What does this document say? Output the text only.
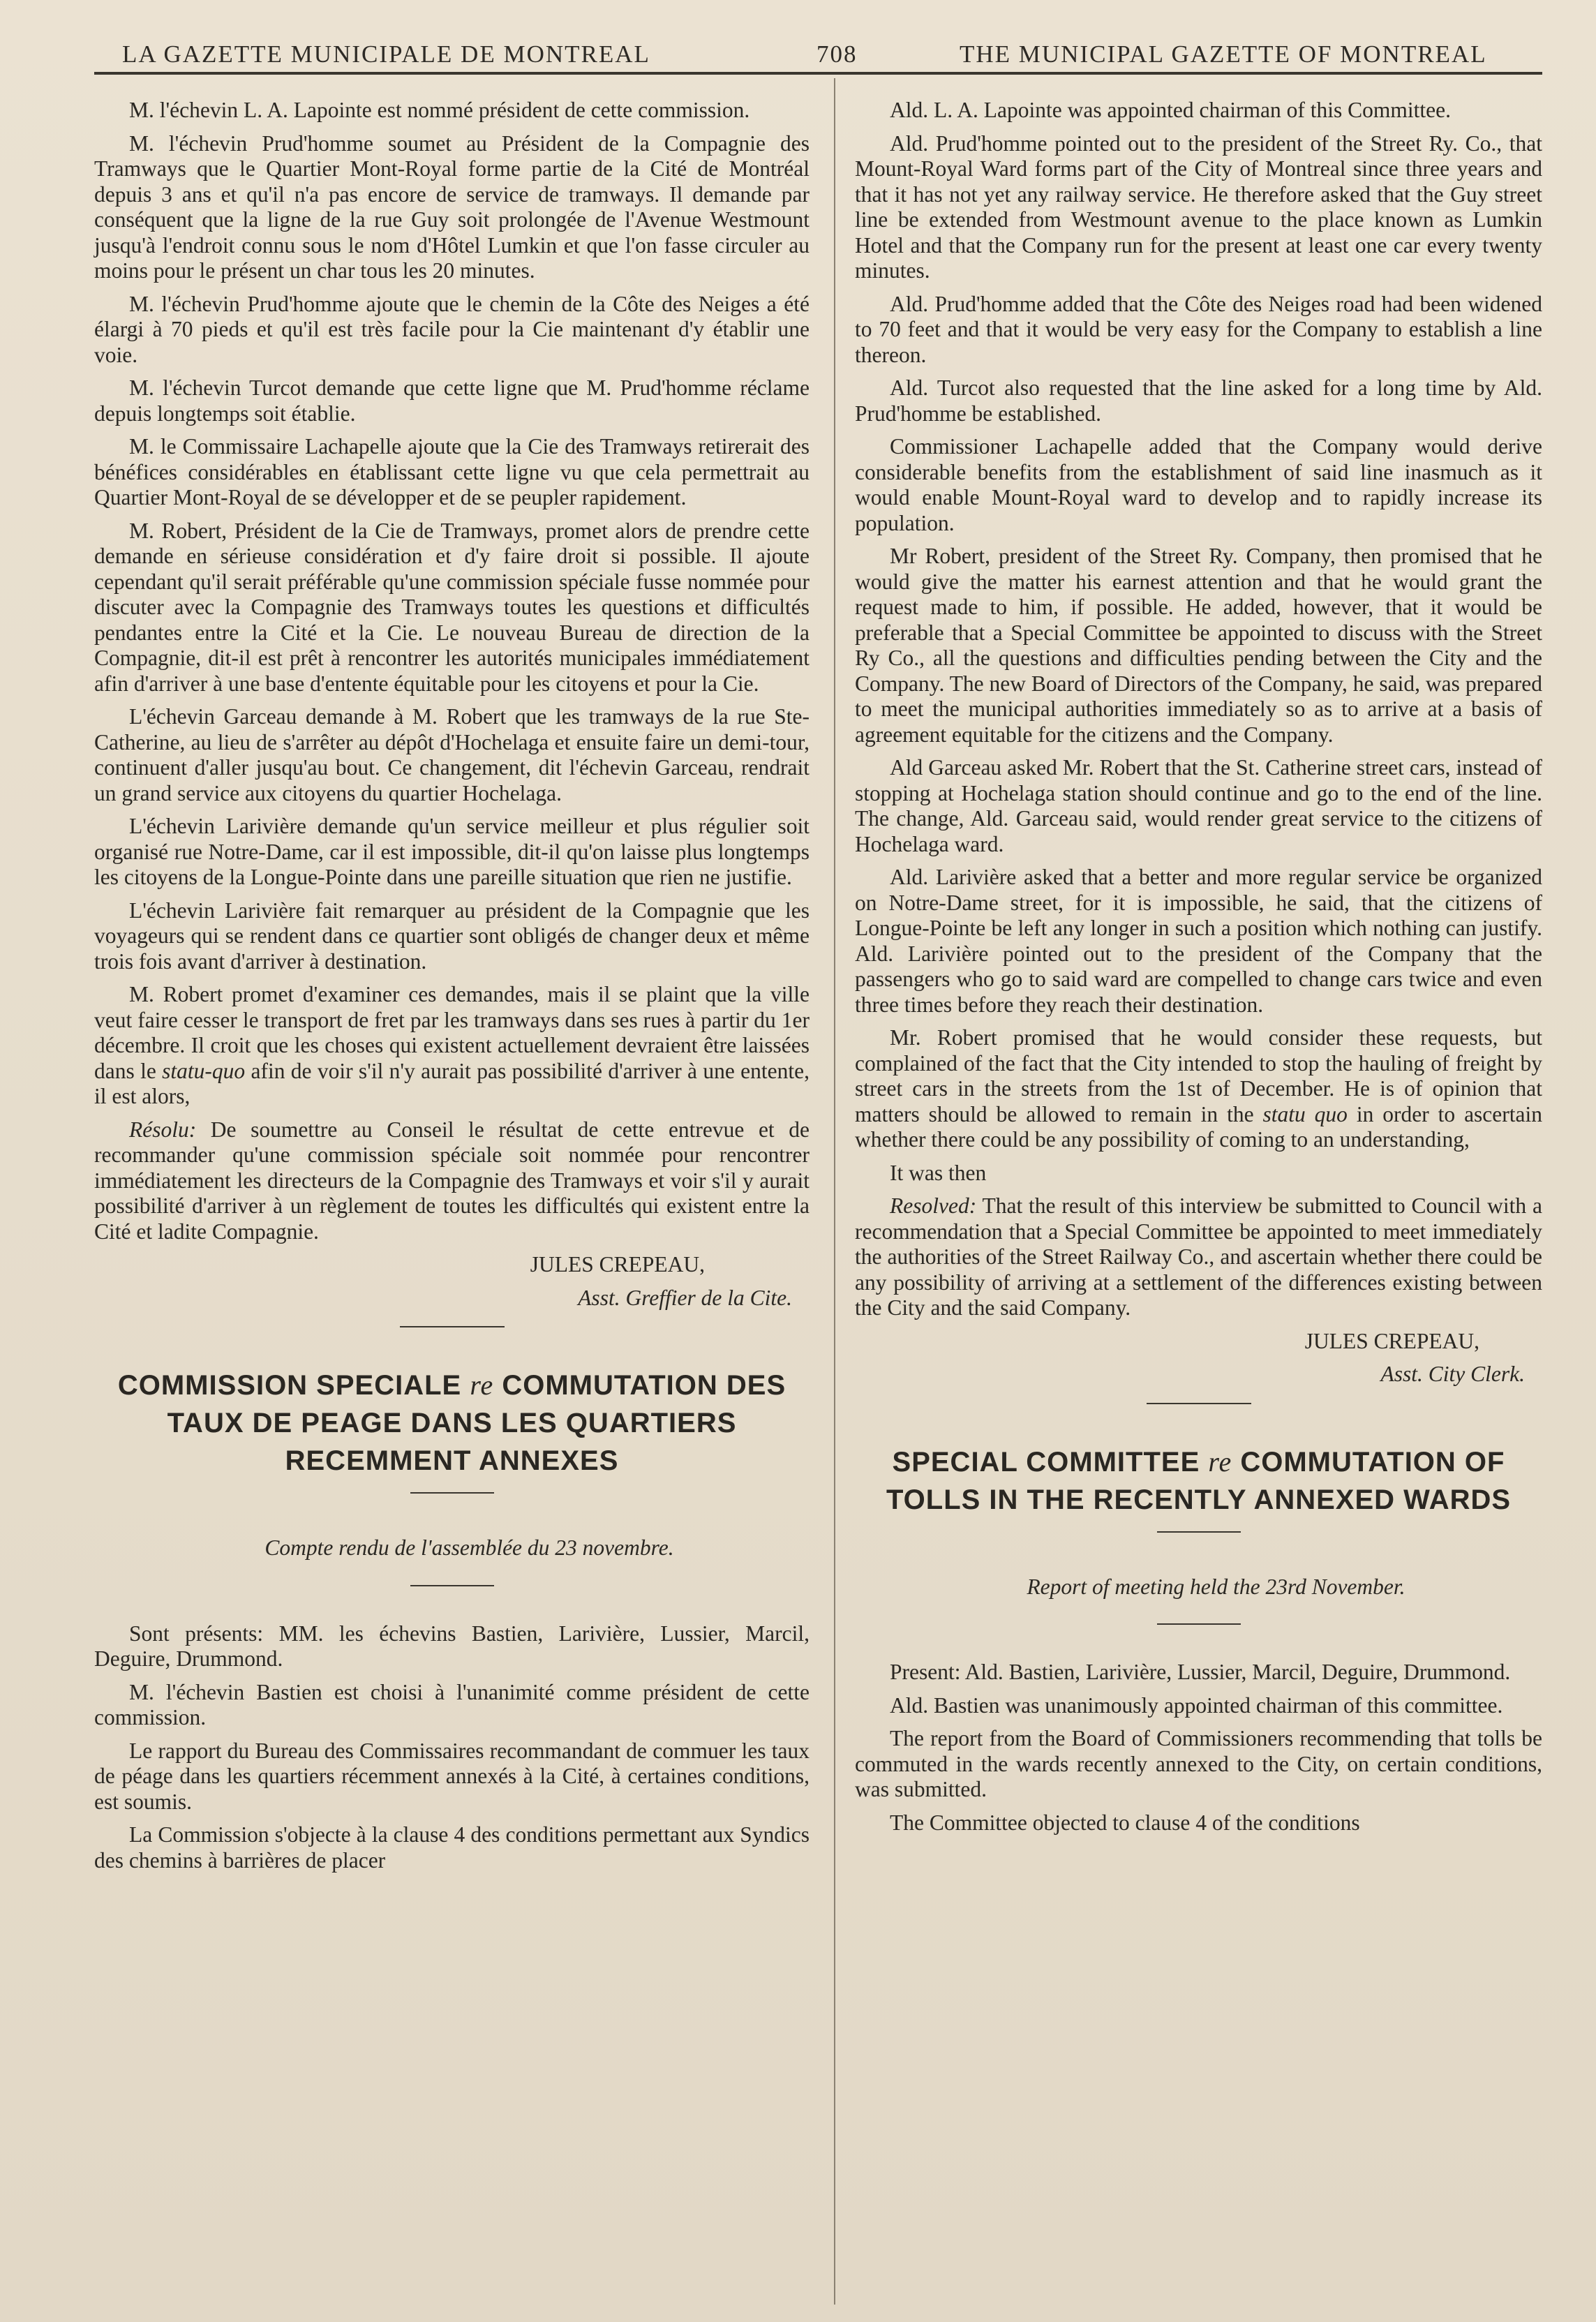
LA GAZETTE MUNICIPALE DE MONTREAL	708	THE MUNICIPAL GAZETTE OF MONTREAL

M. l'échevin L. A. Lapointe est nommé président de cette commission.

M. l'échevin Prud'homme soumet au Président de la Compagnie des Tramways que le Quartier Mont-Royal forme partie de la Cité de Montréal depuis 3 ans et qu'il n'a pas encore de service de tramways. Il demande par conséquent que la ligne de la rue Guy soit prolongée de l'Avenue Westmount jusqu'à l'endroit connu sous le nom d'Hôtel Lumkin et que l'on fasse circuler au moins pour le présent un char tous les 20 minutes.

M. l'échevin Prud'homme ajoute que le chemin de la Côte des Neiges a été élargi à 70 pieds et qu'il est très facile pour la Cie maintenant d'y établir une voie.

M. l'échevin Turcot demande que cette ligne que M. Prud'homme réclame depuis longtemps soit établie.

M. le Commissaire Lachapelle ajoute que la Cie des Tramways retirerait des bénéfices considérables en établissant cette ligne vu que cela permettrait au Quartier Mont-Royal de se développer et de se peupler rapidement.

M. Robert, Président de la Cie de Tramways, promet alors de prendre cette demande en sérieuse considération et d'y faire droit si possible. Il ajoute cependant qu'il serait préférable qu'une commission spéciale fusse nommée pour discuter avec la Compagnie des Tramways toutes les questions et difficultés pendantes entre la Cité et la Cie. Le nouveau Bureau de direction de la Compagnie, dit-il est prêt à rencontrer les autorités municipales immédiatement afin d'arriver à une base d'entente équitable pour les citoyens et pour la Cie.

L'échevin Garceau demande à M. Robert que les tramways de la rue Ste-Catherine, au lieu de s'arrêter au dépôt d'Hochelaga et ensuite faire un demi-tour, continuent d'aller jusqu'au bout. Ce changement, dit l'échevin Garceau, rendrait un grand service aux citoyens du quartier Hochelaga.

L'échevin Larivière demande qu'un service meilleur et plus régulier soit organisé rue Notre-Dame, car il est impossible, dit-il qu'on laisse plus longtemps les citoyens de la Longue-Pointe dans une pareille situation que rien ne justifie.

L'échevin Larivière fait remarquer au président de la Compagnie que les voyageurs qui se rendent dans ce quartier sont obligés de changer deux et même trois fois avant d'arriver à destination.

M. Robert promet d'examiner ces demandes, mais il se plaint que la ville veut faire cesser le transport de fret par les tramways dans ses rues à partir du 1er décembre. Il croit que les choses qui existent actuellement devraient être laissées dans le statu-quo afin de voir s'il n'y aurait pas possibilité d'arriver à une entente, il est alors,

Résolu: De soumettre au Conseil le résultat de cette entrevue et de recommander qu'une commission spéciale soit nommée pour rencontrer immédiatement les directeurs de la Compagnie des Tramways et voir s'il y aurait possibilité d'arriver à un règlement de toutes les difficultés qui existent entre la Cité et ladite Compagnie.

JULES CREPEAU,

Asst. Greffier de la Cite.

COMMISSION SPECIALE re COMMUTATION DES TAUX DE PEAGE DANS LES QUARTIERS RECEMMENT ANNEXES

Compte rendu de l'assemblée du 23 novembre.

Sont présents: MM. les échevins Bastien, Larivière, Lussier, Marcil, Deguire, Drummond.

M. l'échevin Bastien est choisi à l'unanimité comme président de cette commission.

Le rapport du Bureau des Commissaires recommandant de commuer les taux de péage dans les quartiers récemment annexés à la Cité, à certaines conditions, est soumis.

La Commission s'objecte à la clause 4 des conditions permettant aux Syndics des chemins à barrières de placer

Ald. L. A. Lapointe was appointed chairman of this Committee.

Ald. Prud'homme pointed out to the president of the Street Ry. Co., that Mount-Royal Ward forms part of the City of Montreal since three years and that it has not yet any railway service. He therefore asked that the Guy street line be extended from Westmount avenue to the place known as Lumkin Hotel and that the Company run for the present at least one car every twenty minutes.

Ald. Prud'homme added that the Côte des Neiges road had been widened to 70 feet and that it would be very easy for the Company to establish a line thereon.

Ald. Turcot also requested that the line asked for a long time by Ald. Prud'homme be established.

Commissioner Lachapelle added that the Company would derive considerable benefits from the establishment of said line inasmuch as it would enable Mount-Royal ward to develop and to rapidly increase its population.

Mr Robert, president of the Street Ry. Company, then promised that he would give the matter his earnest attention and that he would grant the request made to him, if possible. He added, however, that it would be preferable that a Special Committee be appointed to discuss with the Street Ry Co., all the questions and difficulties pending between the City and the Company. The new Board of Directors of the Company, he said, was prepared to meet the municipal authorities immediately so as to arrive at a basis of agreement equitable for the citizens and the Company.

Ald Garceau asked Mr. Robert that the St. Catherine street cars, instead of stopping at Hochelaga station should continue and go to the end of the line. The change, Ald. Garceau said, would render great service to the citizens of Hochelaga ward.

Ald. Larivière asked that a better and more regular service be organized on Notre-Dame street, for it is impossible, he said, that the citizens of Longue-Pointe be left any longer in such a position which nothing can justify. Ald. Larivière pointed out to the president of the Company that the passengers who go to said ward are compelled to change cars twice and even three times before they reach their destination.

Mr. Robert promised that he would consider these requests, but complained of the fact that the City intended to stop the hauling of freight by street cars in the streets from the 1st of December. He is of opinion that matters should be allowed to remain in the statu quo in order to ascertain whether there could be any possibility of coming to an understanding,

It was then

Resolved: That the result of this interview be submitted to Council with a recommendation that a Special Committee be appointed to meet immediately the authorities of the Street Railway Co., and ascertain whether there could be any possibility of arriving at a settlement of the differences existing between the City and the said Company.

JULES CREPEAU,

Asst. City Clerk.

SPECIAL COMMITTEE re COMMUTATION OF TOLLS IN THE RECENTLY ANNEXED WARDS

Report of meeting held the 23rd November.

Present: Ald. Bastien, Larivière, Lussier, Marcil, Deguire, Drummond.

Ald. Bastien was unanimously appointed chairman of this committee.

The report from the Board of Commissioners recommending that tolls be commuted in the wards recently annexed to the City, on certain conditions, was submitted.

The Committee objected to clause 4 of the conditions
